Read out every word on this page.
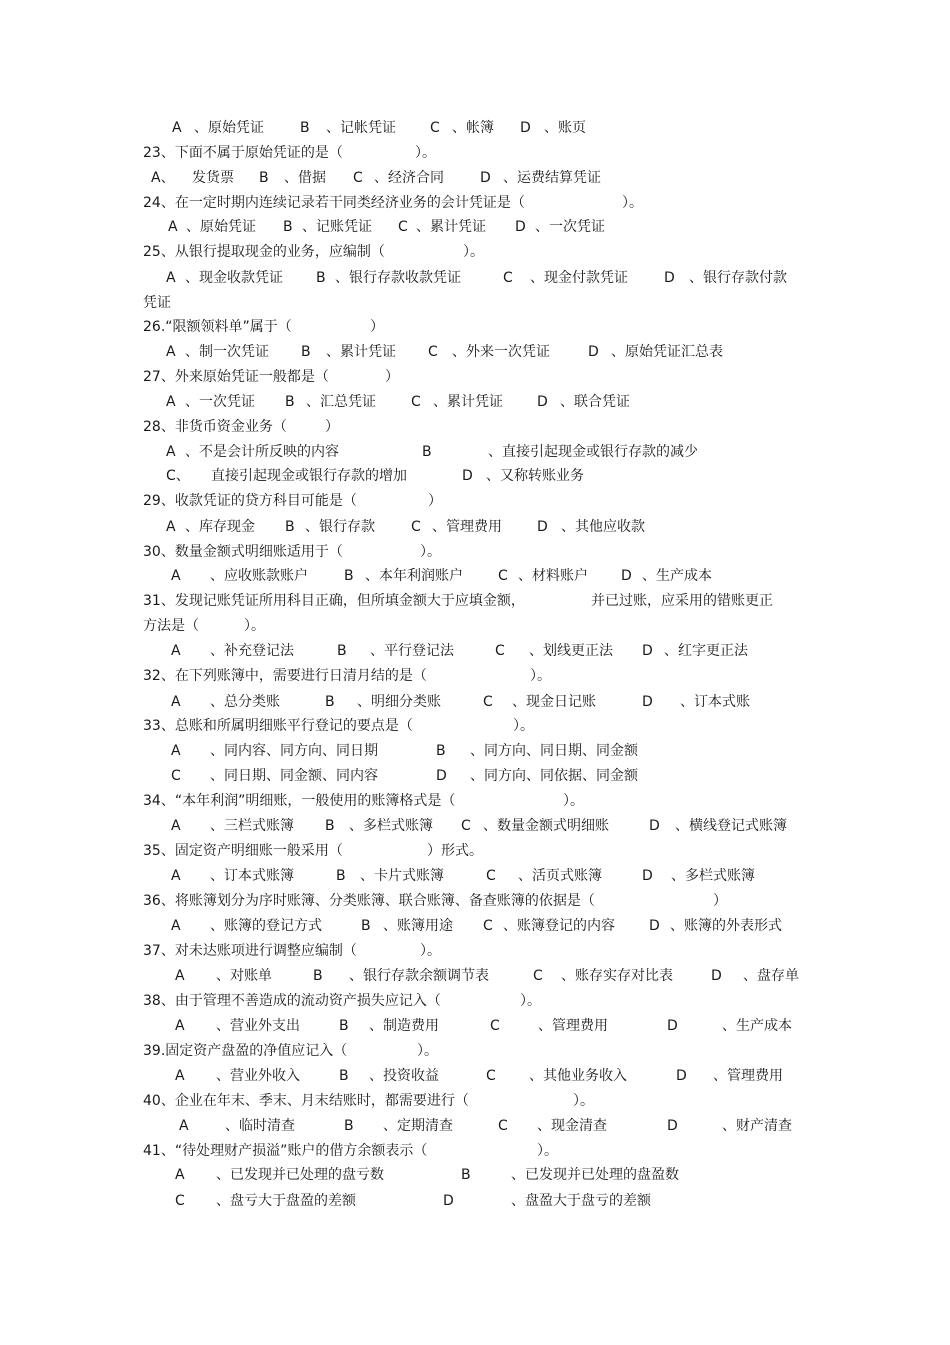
A 、原始凭证	B 、记帐凭证 C 、帐簿 D 、账页
23、下面不属于原始凭证的是（	）。
A、 发货票 B 、借据 C 、经济合同	D 、运费结算凭证
24、在一定时期内连续记录若干同类经济业务的会计凭证是（	）。
A 、原始凭证 B 、记账凭证 C 、累计凭证 D 、一次凭证
25、从银行提取现金的业务，应编制（	）。
A 、现金收款凭证 B 、银行存款收款凭证	C 、现金付款凭证	D 、银行存款付款
凭证
26.“限额领料单”属于（	）
A 、制一次凭证 B 、累计凭证 C 、外来一次凭证	D 、原始凭证汇总表
27、外来原始凭证一般都是（	）
A 、一次凭证 B 、汇总凭证	C 、累计凭证 D 、联合凭证
28、非货币资金业务（	）
A 、不是会计所反映的内容	B	、直接引起现金或银行存款的减少
C、 直接引起现金或银行存款的增加	D 、又称转账业务
29、收款凭证的贷方科目可能是（	）
A 、库存现金 B 、银行存款	C 、管理费用	D 、其他应收款
30、数量金额式明细账适用于（	）。
A 、应收账款账户	B 、本年利润账户	C 、材料账户 D 、生产成本
31、发现记账凭证所用科目正确，但所填金额大于应填金额，	并已过账，应采用的错账更正
方法是（	）。
A 、补充登记法	B 、平行登记法	C 、划线更正法 D 、红字更正法
32、在下列账簿中，需要进行日清月结的是（	）。
A 、总分类账	B 、明细分类账	C 、现金日记账	D 、订本式账
33、总账和所属明细账平行登记的要点是（	）。
A 、同内容、同方向、同日期	B 、同方向、同日期、同金额
C 、同日期、同金额、同内容	D 、同方向、同依据、同金额
34、“本年利润”明细账，一般使用的账簿格式是（	）。
A 、三栏式账簿 B 、多栏式账簿 C 、数量金额式明细账	D 、横线登记式账簿
35、固定资产明细账一般采用（	）形式。
A 、订本式账簿	B 、卡片式账簿	C 、活页式账簿	D 、多栏式账簿
36、将账簿划分为序时账簿、分类账簿、联合账簿、备查账簿的依据是（	）
A 、账簿的登记方式	B 、账簿用途 C 、账簿登记的内容 D 、账簿的外表形式
37、对未达账项进行调整应编制（	）。
A 、对账单	B 、银行存款余额调节表	C 、账存实存对比表	D 、盘存单
38、由于管理不善造成的流动资产损失应记入（	）。
A 、营业外支出	B 、制造费用	C	、管理费用	D	、生产成本
39.固定资产盘盈的净值应记入（	）。
A 、营业外收入	B 、投资收益	C 、其他业务收入	D 、管理费用
40、企业在年末、季末、月末结账时，都需要进行（	）。
A	、临时清查	B 、定期清查	C 、现金清查	D	、财产清查
41、“待处理财产损溢”账户的借方余额表示（	）。
A 、已发现并已处理的盘亏数	B	、已发现并已处理的盘盈数
C 、盘亏大于盘盈的差额	D	、盘盈大于盘亏的差额
